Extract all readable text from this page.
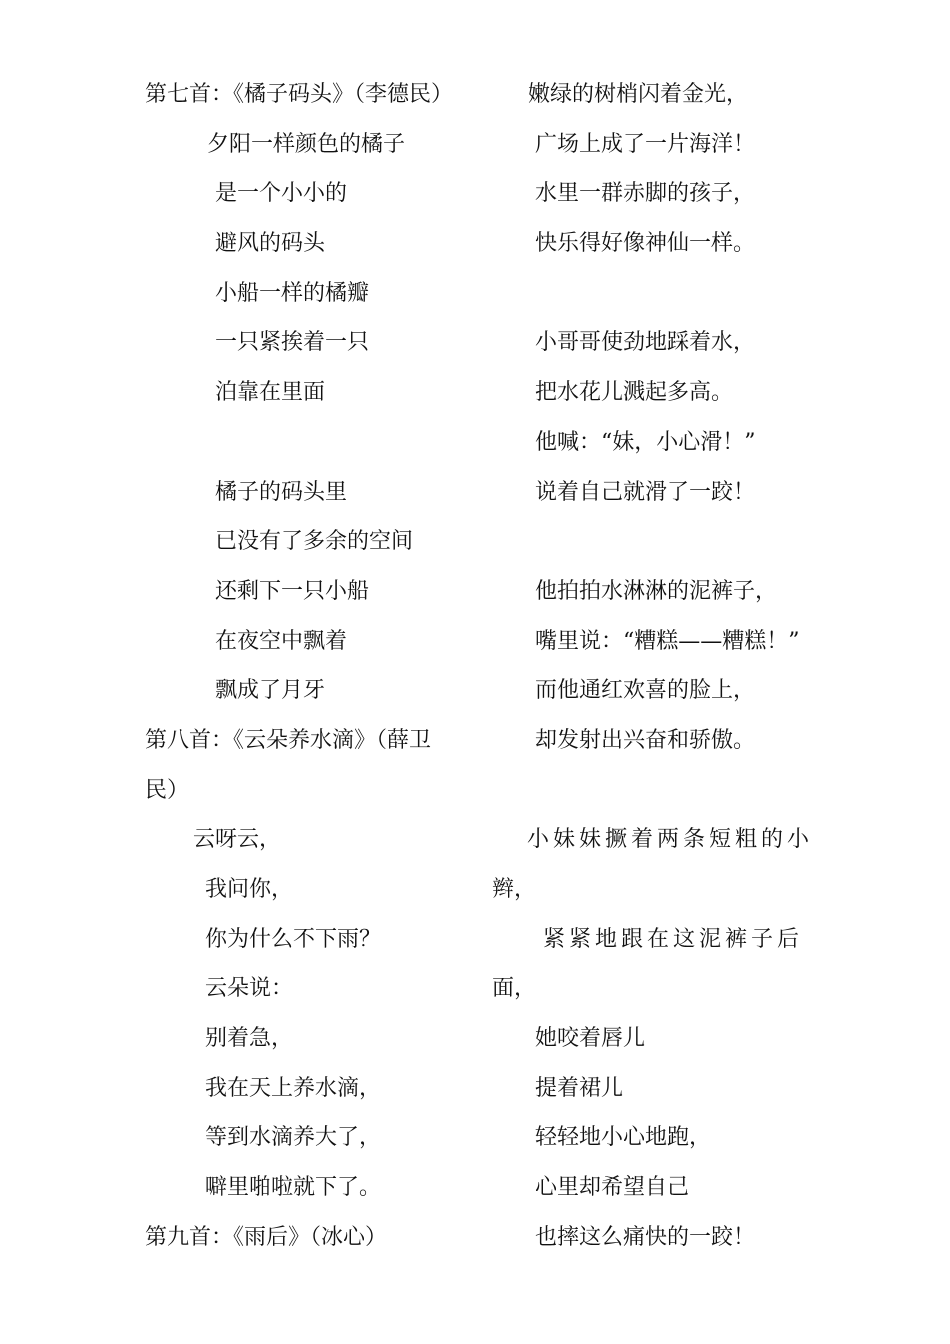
第七首：《橘子码头》（李德民）
夕阳一样颜色的橘子
是一个小小的
避风的码头
小船一样的橘瓣
一只紧挨着一只
泊靠在里面
橘子的码头里
已没有了多余的空间
还剩下一只小船
在夜空中飘着
飘成了月牙
第八首：《云朵养水滴》（薛卫
民）
云呀云，
我问你，
你为什么不下雨？
云朵说：
别着急，
我在天上养水滴，
等到水滴养大了，
噼里啪啦就下了。
第九首：《雨后》（冰心）
嫩绿的树梢闪着金光，
广场上成了一片海洋！
水里一群赤脚的孩子，
快乐得好像神仙一样。
小哥哥使劲地踩着水，
把水花儿溅起多高。
他喊：“妹，小心滑！”
说着自己就滑了一跤！
他拍拍水淋淋的泥裤子，
嘴里说：“糟糕——糟糕！”
而他通红欢喜的脸上，
却发射出兴奋和骄傲。
小妹妹撅着两条短粗的小
辫，
紧紧地跟在这泥裤子后
面，
她咬着唇儿
提着裙儿
轻轻地小心地跑，
心里却希望自己
也摔这么痛快的一跤！
